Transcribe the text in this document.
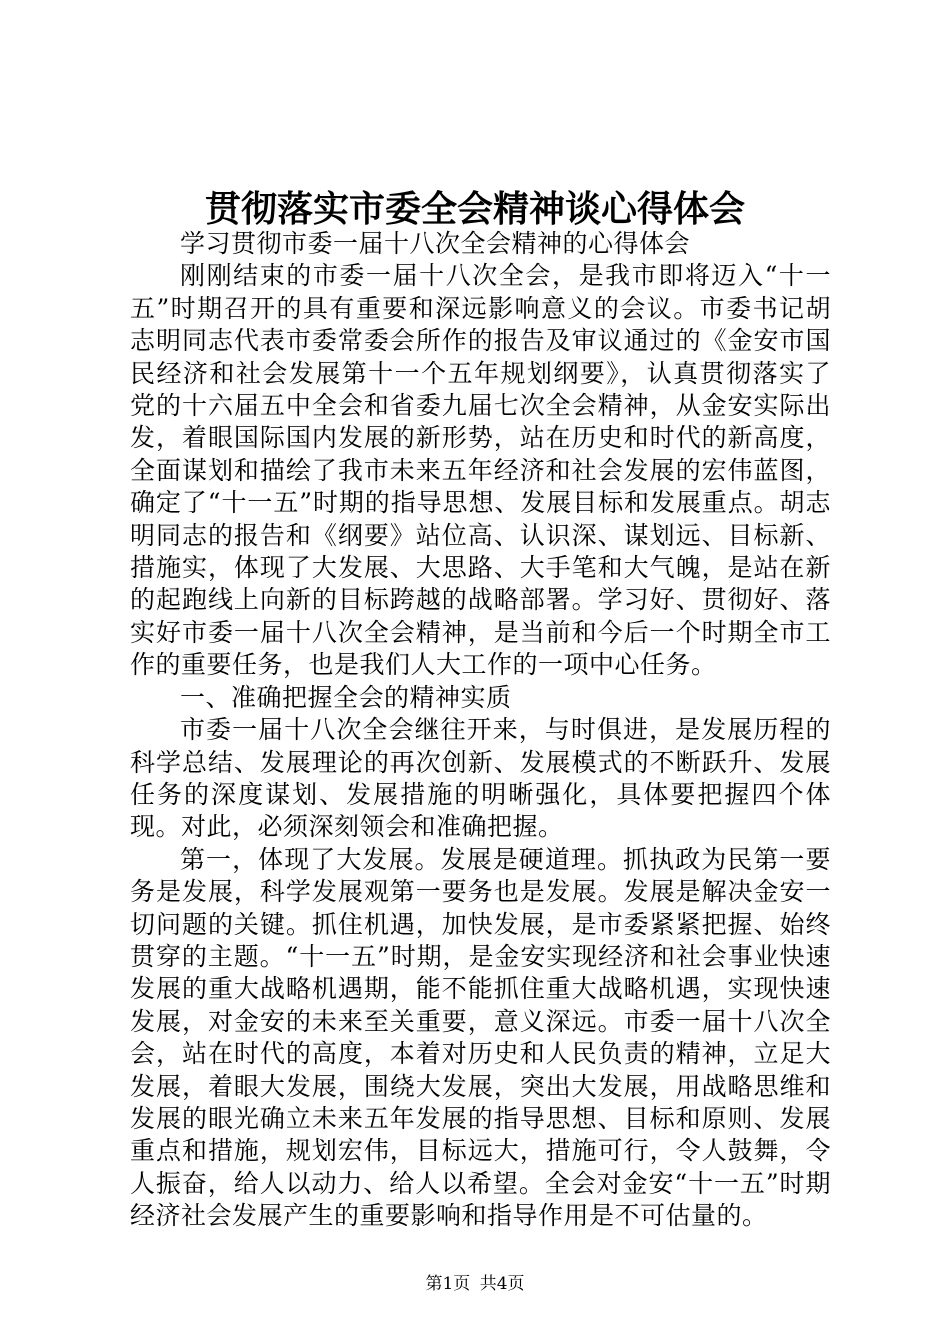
贯彻落实市委全会精神谈心得体会

学习贯彻市委一届十八次全会精神的心得体会

刚刚结束的市委一届十八次全会，是我市即将迈入“十一五”时期召开的具有重要和深远影响意义的会议。市委书记胡志明同志代表市委常委会所作的报告及审议通过的《金安市国民经济和社会发展第十一个五年规划纲要》，认真贯彻落实了党的十六届五中全会和省委九届七次全会精神，从金安实际出发，着眼国际国内发展的新形势，站在历史和时代的新高度，全面谋划和描绘了我市未来五年经济和社会发展的宏伟蓝图，确定了“十一五”时期的指导思想、发展目标和发展重点。胡志明同志的报告和《纲要》站位高、认识深、谋划远、目标新、措施实，体现了大发展、大思路、大手笔和大气魄，是站在新的起跑线上向新的目标跨越的战略部署。学习好、贯彻好、落实好市委一届十八次全会精神，是当前和今后一个时期全市工作的重要任务，也是我们人大工作的一项中心任务。

一、准确把握全会的精神实质

市委一届十八次全会继往开来，与时俱进，是发展历程的科学总结、发展理论的再次创新、发展模式的不断跃升、发展任务的深度谋划、发展措施的明晰强化，具体要把握四个体现。对此，必须深刻领会和准确把握。

第一，体现了大发展。发展是硬道理。抓执政为民第一要务是发展，科学发展观第一要务也是发展。发展是解决金安一切问题的关键。抓住机遇，加快发展，是市委紧紧把握、始终贯穿的主题。“十一五”时期，是金安实现经济和社会事业快速发展的重大战略机遇期，能不能抓住重大战略机遇，实现快速发展，对金安的未来至关重要，意义深远。市委一届十八次全会，站在时代的高度，本着对历史和人民负责的精神，立足大发展，着眼大发展，围绕大发展，突出大发展，用战略思维和发展的眼光确立未来五年发展的指导思想、目标和原则、发展重点和措施，规划宏伟，目标远大，措施可行，令人鼓舞，令人振奋，给人以动力、给人以希望。全会对金安“十一五”时期经济社会发展产生的重要影响和指导作用是不可估量的。

第1页 共4页
